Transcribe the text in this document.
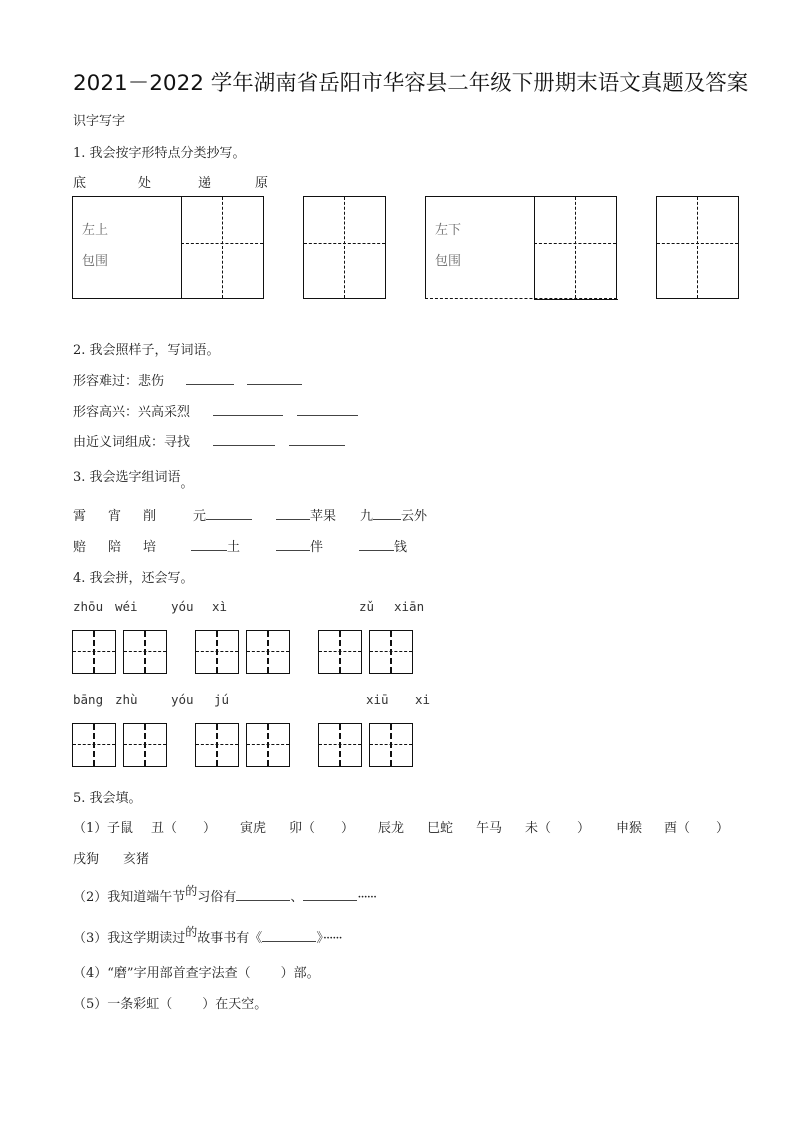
2021－2022 学年湖南省岳阳市华容县二年级下册期末语文真题及答案
识字写字
1. 我会按字形特点分类抄写。
底	处	递	原
左上
包围
左下
包围
2. 我会照样子，写词语。
形容难过：悲伤
形容高兴：兴高采烈
由近义词组成：寻找
3. 我会选字组词语。
霄 宵 削	元	苹果 九 云外
赔 陪 培	土	伴	钱
4. 我会拼，还会写。
zhōu wéi	yóu xì	zǔ xiān
bāng zhù	yóu jú	xiū xi
5. 我会填。
（1） 子鼠 丑（　　） 寅虎 卯（　　） 辰龙 巳蛇 午马 未（　　） 申猴 酉（　　）
戌狗 亥猪
（2）我知道端午节的习俗有	、	······
（3）我这学期读过的故事书有《	》······
（4）“磨”字用部首查字法查（ ）部。
（5）一条彩虹（ ）在天空。
